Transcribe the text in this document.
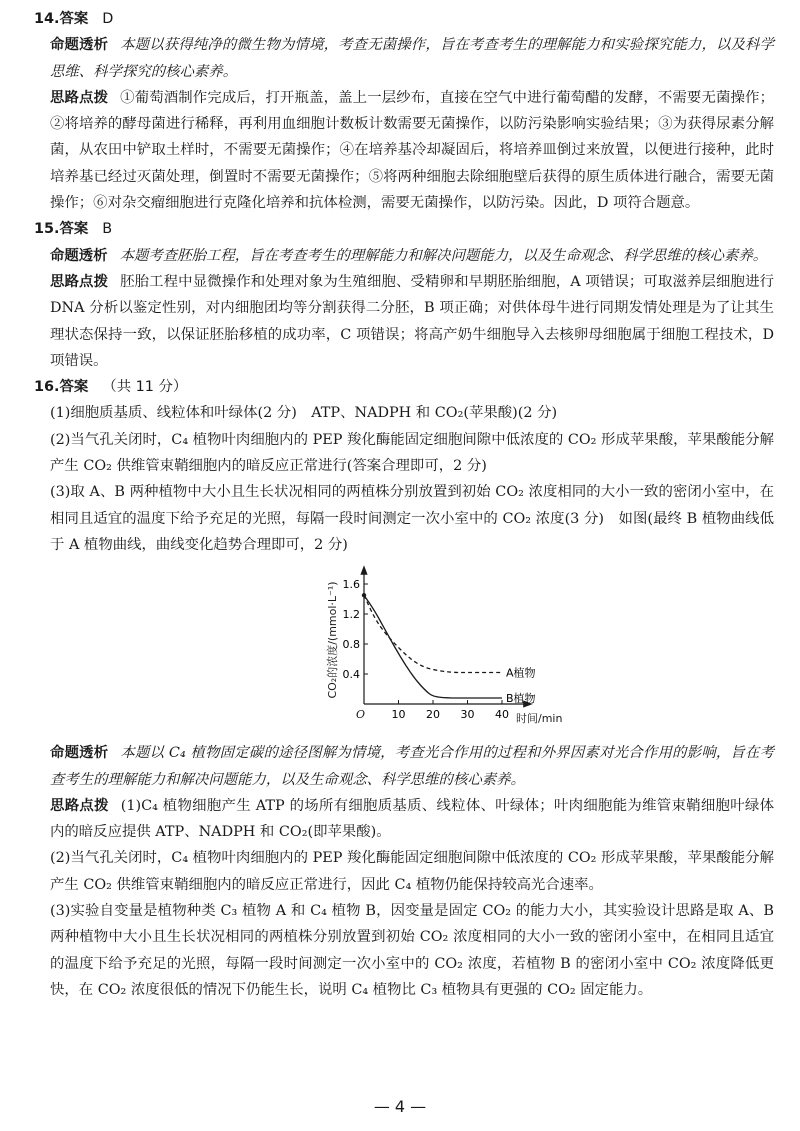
14.答案 D

命题透析 本题以获得纯净的微生物为情境，考查无菌操作，旨在考查考生的理解能力和实验探究能力，以及科学思维、科学探究的核心素养。

思路点拨 ①葡萄酒制作完成后，打开瓶盖，盖上一层纱布，直接在空气中进行葡萄醋的发酵，不需要无菌操作；②将培养的酵母菌进行稀释，再利用血细胞计数板计数需要无菌操作，以防污染影响实验结果；③为获得尿素分解菌，从农田中铲取土样时，不需要无菌操作；④在培养基冷却凝固后，将培养皿倒过来放置，以便进行接种，此时培养基已经过灭菌处理，倒置时不需要无菌操作；⑤将两种细胞去除细胞壁后获得的原生质体进行融合，需要无菌操作；⑥对杂交瘤细胞进行克隆化培养和抗体检测，需要无菌操作，以防污染。因此，D 项符合题意。

15.答案 B

命题透析 本题考查胚胎工程，旨在考查考生的理解能力和解决问题能力，以及生命观念、科学思维的核心素养。

思路点拨 胚胎工程中显微操作和处理对象为生殖细胞、受精卵和早期胚胎细胞，A 项错误；可取滋养层细胞进行 DNA 分析以鉴定性别，对内细胞团均等分割获得二分胚，B 项正确；对供体母牛进行同期发情处理是为了让其生理状态保持一致，以保证胚胎移植的成功率，C 项错误；将高产奶牛细胞导入去核卵母细胞属于细胞工程技术，D 项错误。

16.答案 （共 11 分）

(1)细胞质基质、线粒体和叶绿体(2 分)　ATP、NADPH 和 CO₂(苹果酸)(2 分)

(2)当气孔关闭时，C₄ 植物叶肉细胞内的 PEP 羧化酶能固定细胞间隙中低浓度的 CO₂ 形成苹果酸，苹果酸能分解产生 CO₂ 供维管束鞘细胞内的暗反应正常进行(答案合理即可，2 分)

(3)取 A、B 两种植物中大小且生长状况相同的两植株分别放置到初始 CO₂ 浓度相同的大小一致的密闭小室中，在相同且适宜的温度下给予充足的光照，每隔一段时间测定一次小室中的 CO₂ 浓度(3 分)　如图(最终 B 植物曲线低于 A 植物曲线，曲线变化趋势合理即可，2 分)

CO₂的浓度/(mmol·L⁻¹)
时间/min
O 10 20 30 40
0.4
0.8
1.2
1.6
A植物
B植物

命题透析 本题以 C₄ 植物固定碳的途径图解为情境，考查光合作用的过程和外界因素对光合作用的影响，旨在考查考生的理解能力和解决问题能力，以及生命观念、科学思维的核心素养。

思路点拨 (1)C₄ 植物细胞产生 ATP 的场所有细胞质基质、线粒体、叶绿体；叶肉细胞能为维管束鞘细胞叶绿体内的暗反应提供 ATP、NADPH 和 CO₂(即苹果酸)。

(2)当气孔关闭时，C₄ 植物叶肉细胞内的 PEP 羧化酶能固定细胞间隙中低浓度的 CO₂ 形成苹果酸，苹果酸能分解产生 CO₂ 供维管束鞘细胞内的暗反应正常进行，因此 C₄ 植物仍能保持较高光合速率。

(3)实验自变量是植物种类 C₃ 植物 A 和 C₄ 植物 B，因变量是固定 CO₂ 的能力大小，其实验设计思路是取 A、B 两种植物中大小且生长状况相同的两植株分别放置到初始 CO₂ 浓度相同的大小一致的密闭小室中，在相同且适宜的温度下给予充足的光照，每隔一段时间测定一次小室中的 CO₂ 浓度，若植物 B 的密闭小室中 CO₂ 浓度降低更快，在 CO₂ 浓度很低的情况下仍能生长，说明 C₄ 植物比 C₃ 植物具有更强的 CO₂ 固定能力。

— 4 —
